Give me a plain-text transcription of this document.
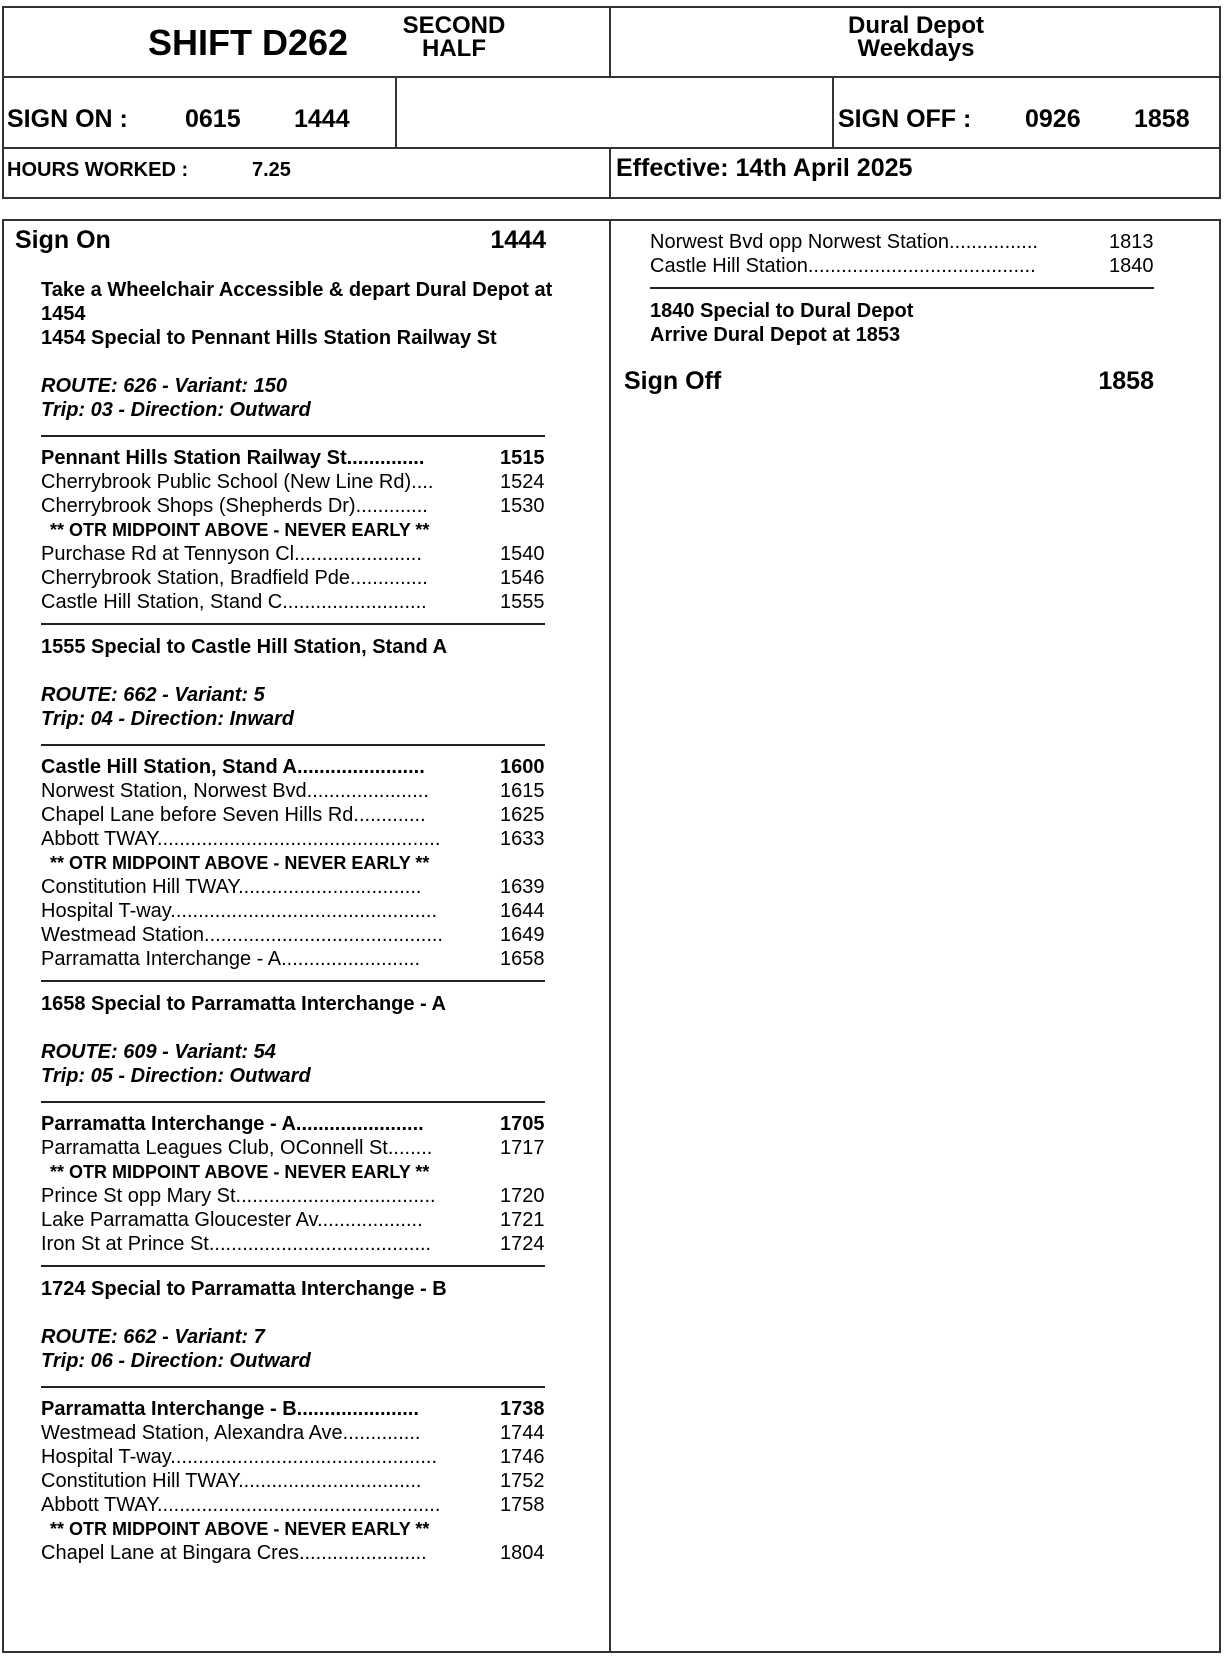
SHIFT D262 SECOND
HALF
Dural Depot
Weekdays
SIGN ON : 0615 1444	SIGN OFF : 0926 1858
HOURS WORKED :	7.25	Effective: 14th April 2025
Sign On	1444
Take a Wheelchair Accessible & depart Dural Depot at
1454
1454 Special to Pennant Hills Station Railway St
ROUTE: 626 - Variant: 150
Trip: 03 - Direction: Outward
Pennant Hills Station Railway St..............	1515
Cherrybrook Public School (New Line Rd)....	1524
Cherrybrook Shops (Shepherds Dr).............	1530
** OTR MIDPOINT ABOVE - NEVER EARLY **
Purchase Rd at Tennyson Cl.......................	1540
Cherrybrook Station, Bradfield Pde..............	1546
Castle Hill Station, Stand C..........................	1555
1555 Special to Castle Hill Station, Stand A
ROUTE: 662 - Variant: 5
Trip: 04 - Direction: Inward
Castle Hill Station, Stand A.......................	1600
Norwest Station, Norwest Bvd......................	1615
Chapel Lane before Seven Hills Rd.............	1625
Abbott TWAY...................................................	1633
** OTR MIDPOINT ABOVE - NEVER EARLY **
Constitution Hill TWAY.................................	1639
Hospital T-way................................................	1644
Westmead Station...........................................	1649
Parramatta Interchange - A.........................	1658
1658 Special to Parramatta Interchange - A
ROUTE: 609 - Variant: 54
Trip: 05 - Direction: Outward
Parramatta Interchange - A.......................	1705
Parramatta Leagues Club, OConnell St........	1717
** OTR MIDPOINT ABOVE - NEVER EARLY **
Prince St opp Mary St....................................	1720
Lake Parramatta Gloucester Av...................	1721
Iron St at Prince St........................................	1724
1724 Special to Parramatta Interchange - B
ROUTE: 662 - Variant: 7
Trip: 06 - Direction: Outward
Parramatta Interchange - B......................	1738
Westmead Station, Alexandra Ave..............	1744
Hospital T-way................................................	1746
Constitution Hill TWAY.................................	1752
Abbott TWAY...................................................	1758
** OTR MIDPOINT ABOVE - NEVER EARLY **
Chapel Lane at Bingara Cres.......................	1804
Norwest Bvd opp Norwest Station................	1813
Castle Hill Station.........................................	1840
1840 Special to Dural Depot
Arrive Dural Depot at 1853
Sign Off	1858
